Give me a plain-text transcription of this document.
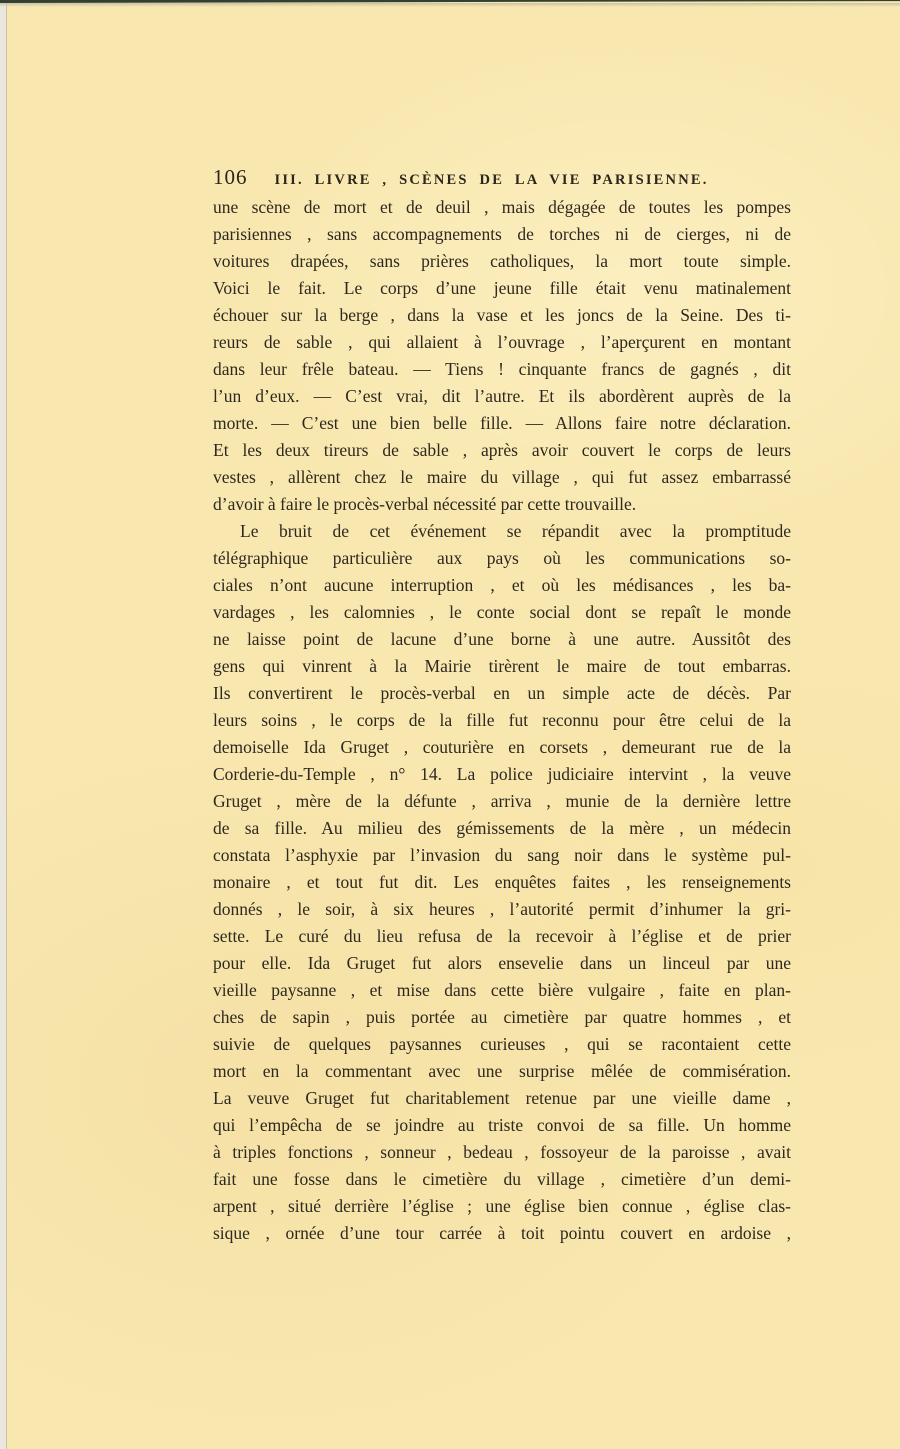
106 III. LIVRE , SCÈNES DE LA VIE PARISIENNE.
une scène de mort et de deuil , mais dégagée de toutes les pompes
parisiennes , sans accompagnements de torches ni de cierges, ni de
voitures drapées, sans prières catholiques, la mort toute simple.
Voici le fait. Le corps d’une jeune fille était venu matinalement
échouer sur la berge , dans la vase et les joncs de la Seine. Des ti-
reurs de sable , qui allaient à l’ouvrage , l’aperçurent en montant
dans leur frêle bateau. — Tiens ! cinquante francs de gagnés , dit
l’un d’eux. — C’est vrai, dit l’autre. Et ils abordèrent auprès de la
morte. — C’est une bien belle fille. — Allons faire notre déclaration.
Et les deux tireurs de sable , après avoir couvert le corps de leurs
vestes , allèrent chez le maire du village , qui fut assez embarrassé
d’avoir à faire le procès-verbal nécessité par cette trouvaille.
Le bruit de cet événement se répandit avec la promptitude
télégraphique particulière aux pays où les communications so-
ciales n’ont aucune interruption , et où les médisances , les ba-
vardages , les calomnies , le conte social dont se repaît le monde
ne laisse point de lacune d’une borne à une autre. Aussitôt des
gens qui vinrent à la Mairie tirèrent le maire de tout embarras.
Ils convertirent le procès-verbal en un simple acte de décès. Par
leurs soins , le corps de la fille fut reconnu pour être celui de la
demoiselle Ida Gruget , couturière en corsets , demeurant rue de la
Corderie-du-Temple , n° 14. La police judiciaire intervint , la veuve
Gruget , mère de la défunte , arriva , munie de la dernière lettre
de sa fille. Au milieu des gémissements de la mère , un médecin
constata l’asphyxie par l’invasion du sang noir dans le système pul-
monaire , et tout fut dit. Les enquêtes faites , les renseignements
donnés , le soir, à six heures , l’autorité permit d’inhumer la gri-
sette. Le curé du lieu refusa de la recevoir à l’église et de prier
pour elle. Ida Gruget fut alors ensevelie dans un linceul par une
vieille paysanne , et mise dans cette bière vulgaire , faite en plan-
ches de sapin , puis portée au cimetière par quatre hommes , et
suivie de quelques paysannes curieuses , qui se racontaient cette
mort en la commentant avec une surprise mêlée de commisération.
La veuve Gruget fut charitablement retenue par une vieille dame ,
qui l’empêcha de se joindre au triste convoi de sa fille. Un homme
à triples fonctions , sonneur , bedeau , fossoyeur de la paroisse , avait
fait une fosse dans le cimetière du village , cimetière d’un demi-
arpent , situé derrière l’église ; une église bien connue , église clas-
sique , ornée d’une tour carrée à toit pointu couvert en ardoise ,
